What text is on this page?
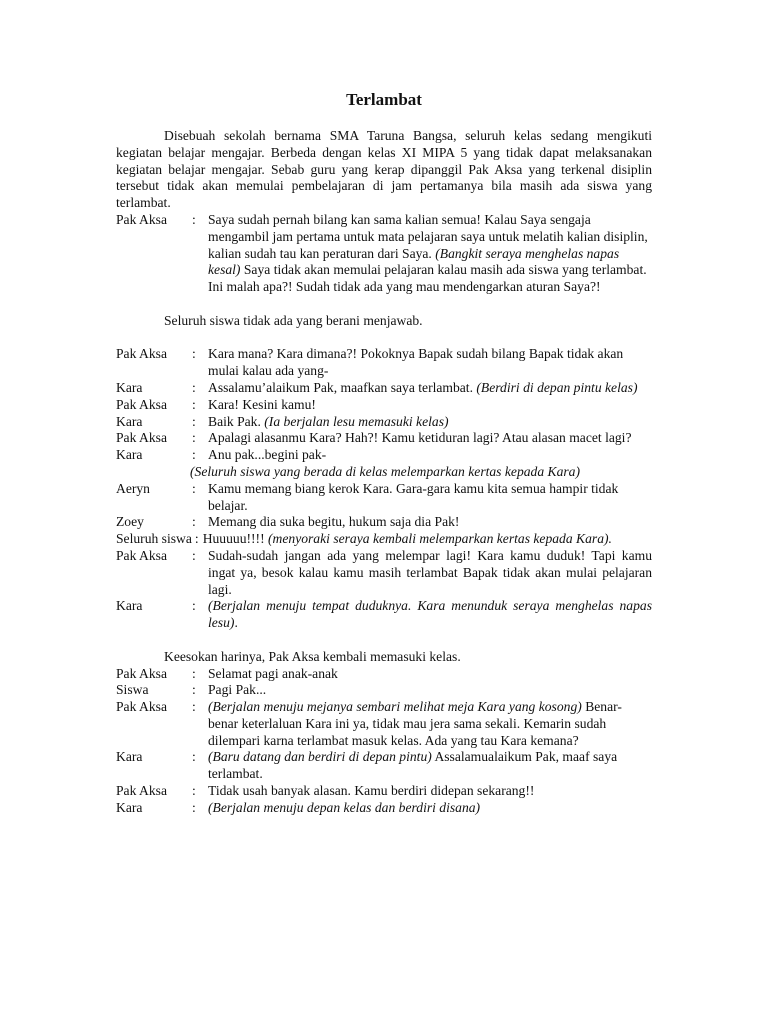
Terlambat

Disebuah sekolah bernama SMA Taruna Bangsa, seluruh kelas sedang mengikuti kegiatan belajar mengajar. Berbeda dengan kelas XI MIPA 5 yang tidak dapat melaksanakan kegiatan belajar mengajar. Sebab guru yang kerap dipanggil Pak Aksa yang terkenal disiplin tersebut tidak akan memulai pembelajaran di jam pertamanya bila masih ada siswa yang terlambat.

Pak Aksa	: Saya sudah pernah bilang kan sama kalian semua! Kalau Saya sengaja mengambil jam pertama untuk mata pelajaran saya untuk melatih kalian disiplin, kalian sudah tau kan peraturan dari Saya. (Bangkit seraya menghelas napas kesal) Saya tidak akan memulai pelajaran kalau masih ada siswa yang terlambat. Ini malah apa?! Sudah tidak ada yang mau mendengarkan aturan Saya?!

Seluruh siswa tidak ada yang berani menjawab.

Pak Aksa	: Kara mana? Kara dimana?! Pokoknya Bapak sudah bilang Bapak tidak akan mulai kalau ada yang-
Kara	: Assalamu’alaikum Pak, maafkan saya terlambat. (Berdiri di depan pintu kelas)
Pak Aksa	: Kara! Kesini kamu!
Kara	: Baik Pak. (Ia berjalan lesu memasuki kelas)
Pak Aksa	: Apalagi alasanmu Kara? Hah?! Kamu ketiduran lagi? Atau alasan macet lagi?
Kara	: Anu pak...begini pak-

(Seluruh siswa yang berada di kelas melemparkan kertas kepada Kara)

Aeryn	: Kamu memang biang kerok Kara. Gara-gara kamu kita semua hampir tidak belajar.
Zoey	: Memang dia suka begitu, hukum saja dia Pak!
Seluruh siswa : Huuuuu!!!! (menyoraki seraya kembali melemparkan kertas kepada Kara).
Pak Aksa	: Sudah-sudah jangan ada yang melempar lagi! Kara kamu duduk! Tapi kamu ingat ya, besok kalau kamu masih terlambat Bapak tidak akan mulai pelajaran lagi.
Kara	: (Berjalan menuju tempat duduknya. Kara menunduk seraya menghelas napas lesu).

Keesokan harinya, Pak Aksa kembali memasuki kelas.

Pak Aksa	: Selamat pagi anak-anak
Siswa	: Pagi Pak...
Pak Aksa	: (Berjalan menuju mejanya sembari melihat meja Kara yang kosong) Benar-benar keterlaluan Kara ini ya, tidak mau jera sama sekali. Kemarin sudah dilempari karna terlambat masuk kelas. Ada yang tau Kara kemana?
Kara	: (Baru datang dan berdiri di depan pintu) Assalamualaikum Pak, maaf saya terlambat.
Pak Aksa	: Tidak usah banyak alasan. Kamu berdiri didepan sekarang!!
Kara	: (Berjalan menuju depan kelas dan berdiri disana)
